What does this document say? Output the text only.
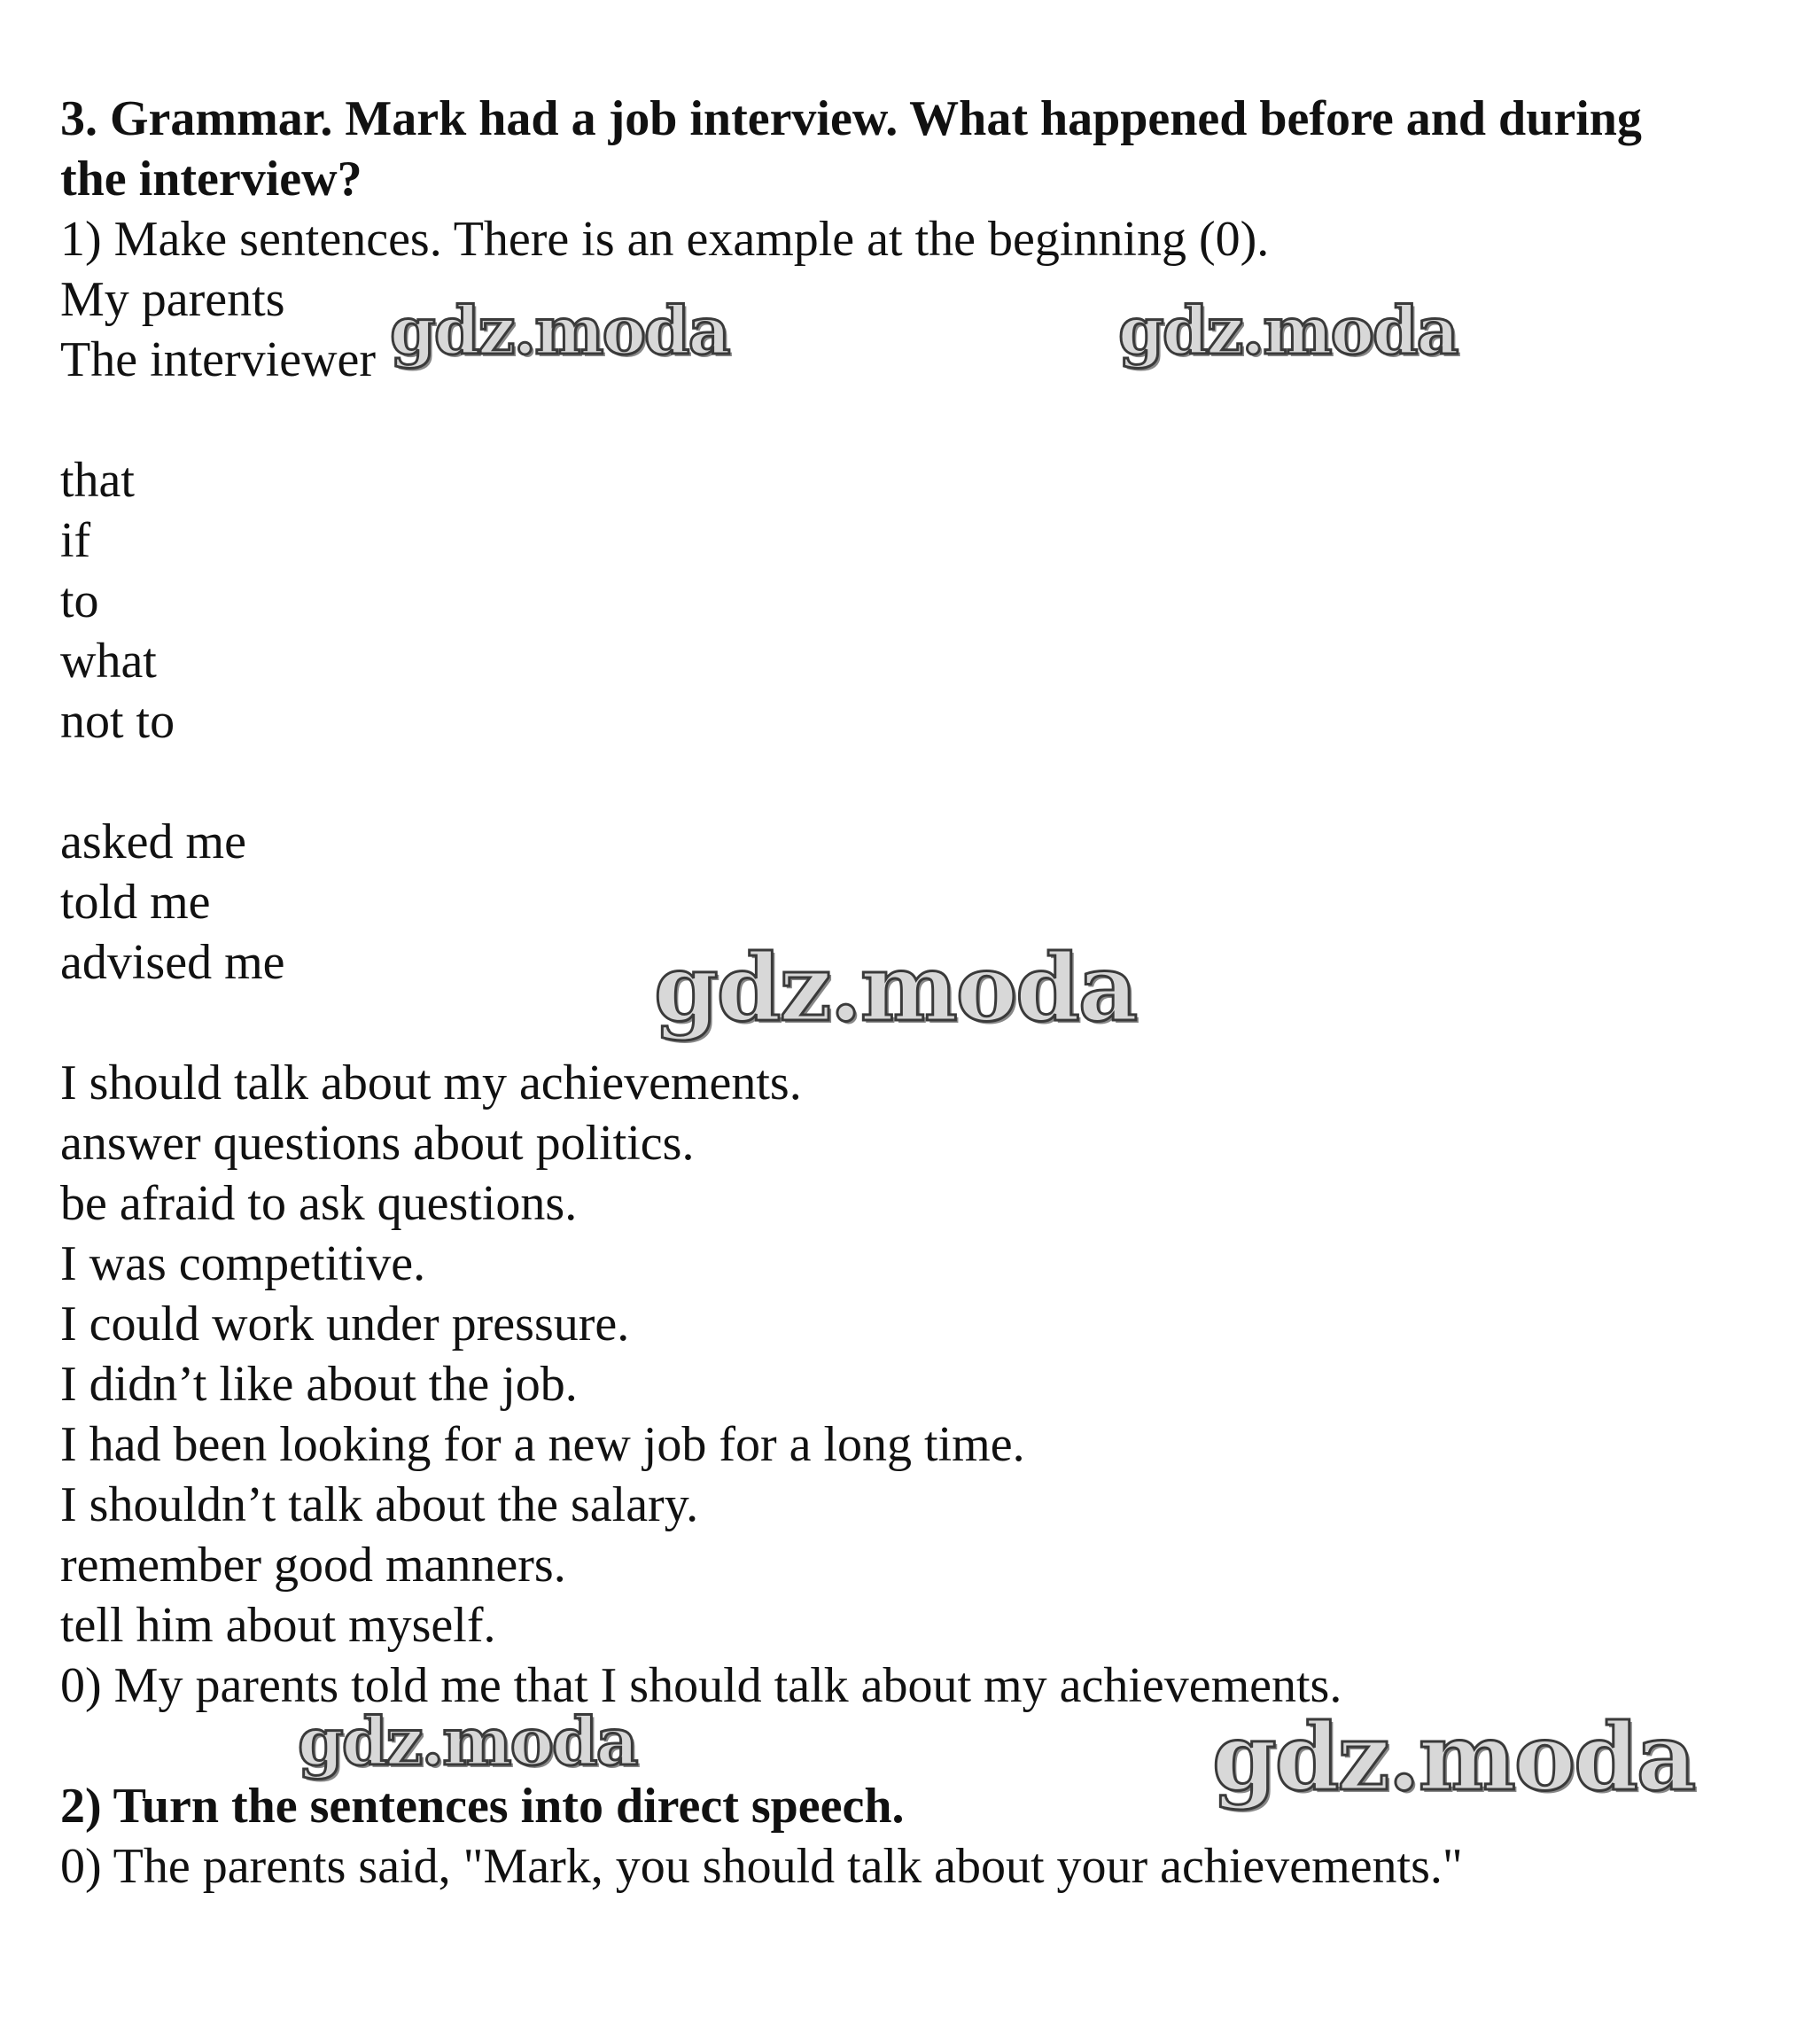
3. Grammar. Mark had a job interview. What happened before and during

the interview?

1) Make sentences. There is an example at the beginning (0).

My parents

The interviewer

that

if

to

what

not to

asked me

told me

advised me

I should talk about my achievements.

answer questions about politics.

be afraid to ask questions.

I was competitive.

I could work under pressure.

I didn’t like about the job.

I had been looking for a new job for a long time.

I shouldn’t talk about the salary.

remember good manners.

tell him about myself.

0) My parents told me that I should talk about my achievements.

2) Turn the sentences into direct speech.

0) The parents said, "Mark, you should talk about your achievements."

gdz.moda	gdz.moda
gdz.moda
gdz.moda	gdz.moda
